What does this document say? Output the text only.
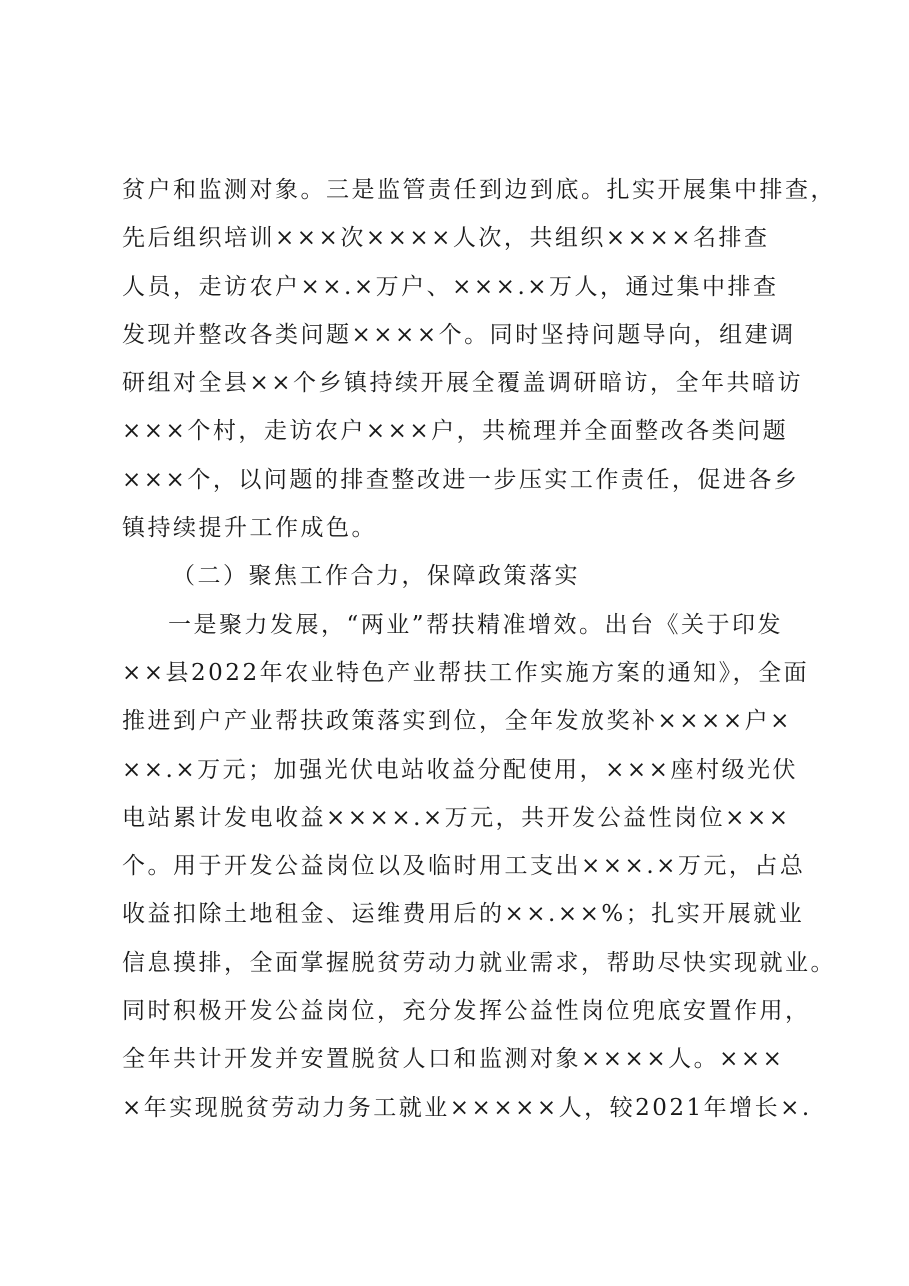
贫户和监测对象。三是监管责任到边到底。扎实开展集中排查，
先后组织培训×××次××××人次，共组织××××名排查
人员，走访农户××.×万户、×××.×万人，通过集中排查
发现并整改各类问题××××个。同时坚持问题导向，组建调
研组对全县××个乡镇持续开展全覆盖调研暗访，全年共暗访
×××个村，走访农户×××户，共梳理并全面整改各类问题
×××个，以问题的排查整改进一步压实工作责任，促进各乡
镇持续提升工作成色。
（二）聚焦工作合力，保障政策落实
一是聚力发展，“两业”帮扶精准增效。出台《关于印发
××县2022年农业特色产业帮扶工作实施方案的通知》，全面
推进到户产业帮扶政策落实到位，全年发放奖补××××户×
××.×万元；加强光伏电站收益分配使用，×××座村级光伏
电站累计发电收益××××.×万元，共开发公益性岗位×××
个。用于开发公益岗位以及临时用工支出×××.×万元，占总
收益扣除土地租金、运维费用后的××.××%；扎实开展就业
信息摸排，全面掌握脱贫劳动力就业需求，帮助尽快实现就业。
同时积极开发公益岗位，充分发挥公益性岗位兜底安置作用，
全年共计开发并安置脱贫人口和监测对象××××人。×××
×年实现脱贫劳动力务工就业×××××人，较2021年增长×.
